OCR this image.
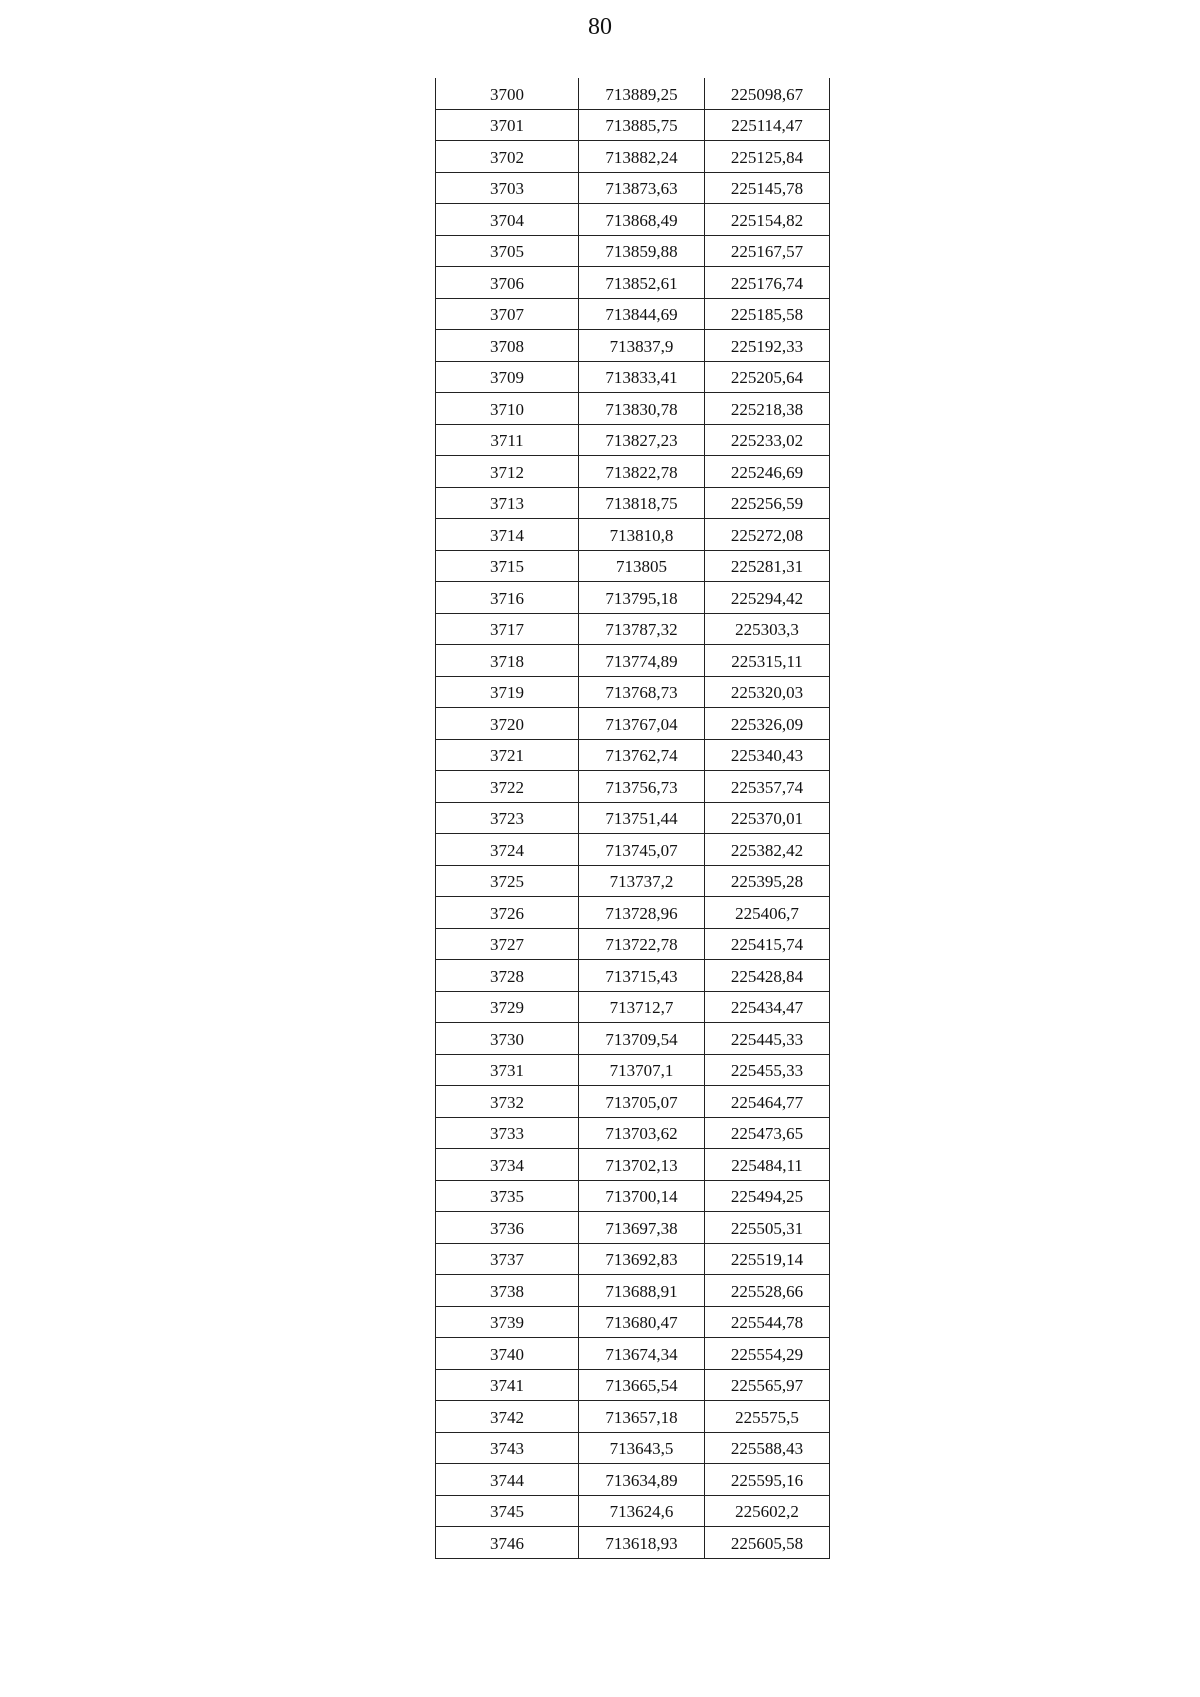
80
3700	713889,25	225098,67
3701	713885,75	225114,47
3702	713882,24	225125,84
3703	713873,63	225145,78
3704	713868,49	225154,82
3705	713859,88	225167,57
3706	713852,61	225176,74
3707	713844,69	225185,58
3708	713837,9	225192,33
3709	713833,41	225205,64
3710	713830,78	225218,38
3711	713827,23	225233,02
3712	713822,78	225246,69
3713	713818,75	225256,59
3714	713810,8	225272,08
3715	713805	225281,31
3716	713795,18	225294,42
3717	713787,32	225303,3
3718	713774,89	225315,11
3719	713768,73	225320,03
3720	713767,04	225326,09
3721	713762,74	225340,43
3722	713756,73	225357,74
3723	713751,44	225370,01
3724	713745,07	225382,42
3725	713737,2	225395,28
3726	713728,96	225406,7
3727	713722,78	225415,74
3728	713715,43	225428,84
3729	713712,7	225434,47
3730	713709,54	225445,33
3731	713707,1	225455,33
3732	713705,07	225464,77
3733	713703,62	225473,65
3734	713702,13	225484,11
3735	713700,14	225494,25
3736	713697,38	225505,31
3737	713692,83	225519,14
3738	713688,91	225528,66
3739	713680,47	225544,78
3740	713674,34	225554,29
3741	713665,54	225565,97
3742	713657,18	225575,5
3743	713643,5	225588,43
3744	713634,89	225595,16
3745	713624,6	225602,2
3746	713618,93	225605,58
